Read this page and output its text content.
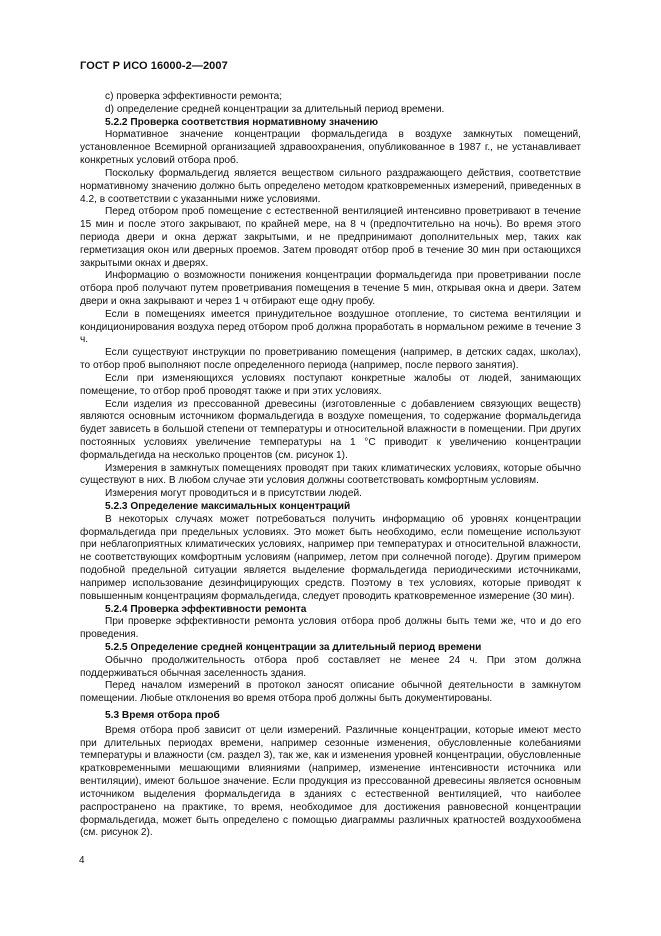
ГОСТ Р ИСО 16000-2—2007

с) проверка эффективности ремонта;

d) определение средней концентрации за длительный период времени.

5.2.2 Проверка соответствия нормативному значению

Нормативное значение концентрации формальдегида в воздухе замкнутых помещений, установленное Всемирной организацией здравоохранения, опубликованное в 1987 г., не устанавливает конкретных условий отбора проб.

Поскольку формальдегид является веществом сильного раздражающего действия, соответствие нормативному значению должно быть определено методом кратковременных измерений, приведенных в 4.2, в соответствии с указанными ниже условиями.

Перед отбором проб помещение с естественной вентиляцией интенсивно проветривают в течение 15 мин и после этого закрывают, по крайней мере, на 8 ч (предпочтительно на ночь). Во время этого периода двери и окна держат закрытыми, и не предпринимают дополнительных мер, таких как герметизация окон или дверных проемов. Затем проводят отбор проб в течение 30 мин при остающихся закрытыми окнах и дверях.

Информацию о возможности понижения концентрации формальдегида при проветривании после отбора проб получают путем проветривания помещения в течение 5 мин, открывая окна и двери. Затем двери и окна закрывают и через 1 ч отбирают еще одну пробу.

Если в помещениях имеется принудительное воздушное отопление, то система вентиляции и кондиционирования воздуха перед отбором проб должна проработать в нормальном режиме в течение 3 ч.

Если существуют инструкции по проветриванию помещения (например, в детских садах, школах), то отбор проб выполняют после определенного периода (например, после первого занятия).

Если при изменяющихся условиях поступают конкретные жалобы от людей, занимающих помещение, то отбор проб проводят также и при этих условиях.

Если изделия из прессованной древесины (изготовленные с добавлением связующих веществ) являются основным источником формальдегида в воздухе помещения, то содержание формальдегида будет зависеть в большой степени от температуры и относительной влажности в помещении. При других постоянных условиях увеличение температуры на 1 °С приводит к увеличению концентрации формальдегида на несколько процентов (см. рисунок 1).

Измерения в замкнутых помещениях проводят при таких климатических условиях, которые обычно существуют в них. В любом случае эти условия должны соответствовать комфортным условиям.

Измерения могут проводиться и в присутствии людей.

5.2.3 Определение максимальных концентраций

В некоторых случаях может потребоваться получить информацию об уровнях концентрации формальдегида при предельных условиях. Это может быть необходимо, если помещение используют при неблагоприятных климатических условиях, например при температурах и относительной влажности, не соответствующих комфортным условиям (например, летом при солнечной погоде). Другим примером подобной предельной ситуации является выделение формальдегида периодическими источниками, например использование дезинфицирующих средств. Поэтому в тех условиях, которые приводят к повышенным концентрациям формальдегида, следует проводить кратковременное измерение (30 мин).

5.2.4 Проверка эффективности ремонта

При проверке эффективности ремонта условия отбора проб должны быть теми же, что и до его проведения.

5.2.5 Определение средней концентрации за длительный период времени

Обычно продолжительность отбора проб составляет не менее 24 ч. При этом должна поддерживаться обычная заселенность здания.

Перед началом измерений в протокол заносят описание обычной деятельности в замкнутом помещении. Любые отклонения во время отбора проб должны быть документированы.

5.3 Время отбора проб

Время отбора проб зависит от цели измерений. Различные концентрации, которые имеют место при длительных периодах времени, например сезонные изменения, обусловленные колебаниями температуры и влажности (см. раздел 3), так же, как и изменения уровней концентрации, обусловленные кратковременными мешающими влияниями (например, изменение интенсивности источника или вентиляции), имеют большое значение. Если продукция из прессованной древесины является основным источником выделения формальдегида в зданиях с естественной вентиляцией, что наиболее распространено на практике, то время, необходимое для достижения равновесной концентрации формальдегида, может быть определено с помощью диаграммы различных кратностей воздухообмена (см. рисунок 2).

4
